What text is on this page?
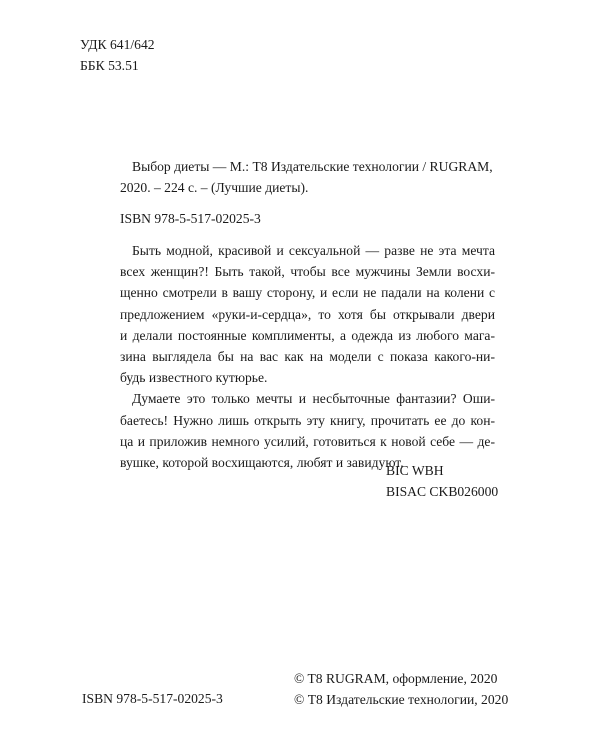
УДК 641/642
ББК 53.51
Выбор диеты — М.: Т8 Издательские технологии / RUGRAM,
2020. – 224 с. – (Лучшие диеты).
ISBN 978-5-517-02025-3
Быть модной, красивой и сексуальной — разве не эта мечта
всех женщин?! Быть такой, чтобы все мужчины Земли восхи-
щенно смотрели в вашу сторону, и если не падали на колени с
предложением «руки-и-сердца», то хотя бы открывали двери
и делали постоянные комплименты, а одежда из любого мага-
зина выглядела бы на вас как на модели с показа какого-ни-
будь известного кутюрье.
Думаете это только мечты и несбыточные фантазии? Оши-
баетесь! Нужно лишь открыть эту книгу, прочитать ее до кон-
ца и приложив немного усилий, готовиться к новой себе — де-
вушке, которой восхищаются, любят и завидуют.
BIC WBH
BISAC CKB026000
ISBN 978-5-517-02025-3
© T8 RUGRAM, оформление, 2020
© Т8 Издательские технологии, 2020
